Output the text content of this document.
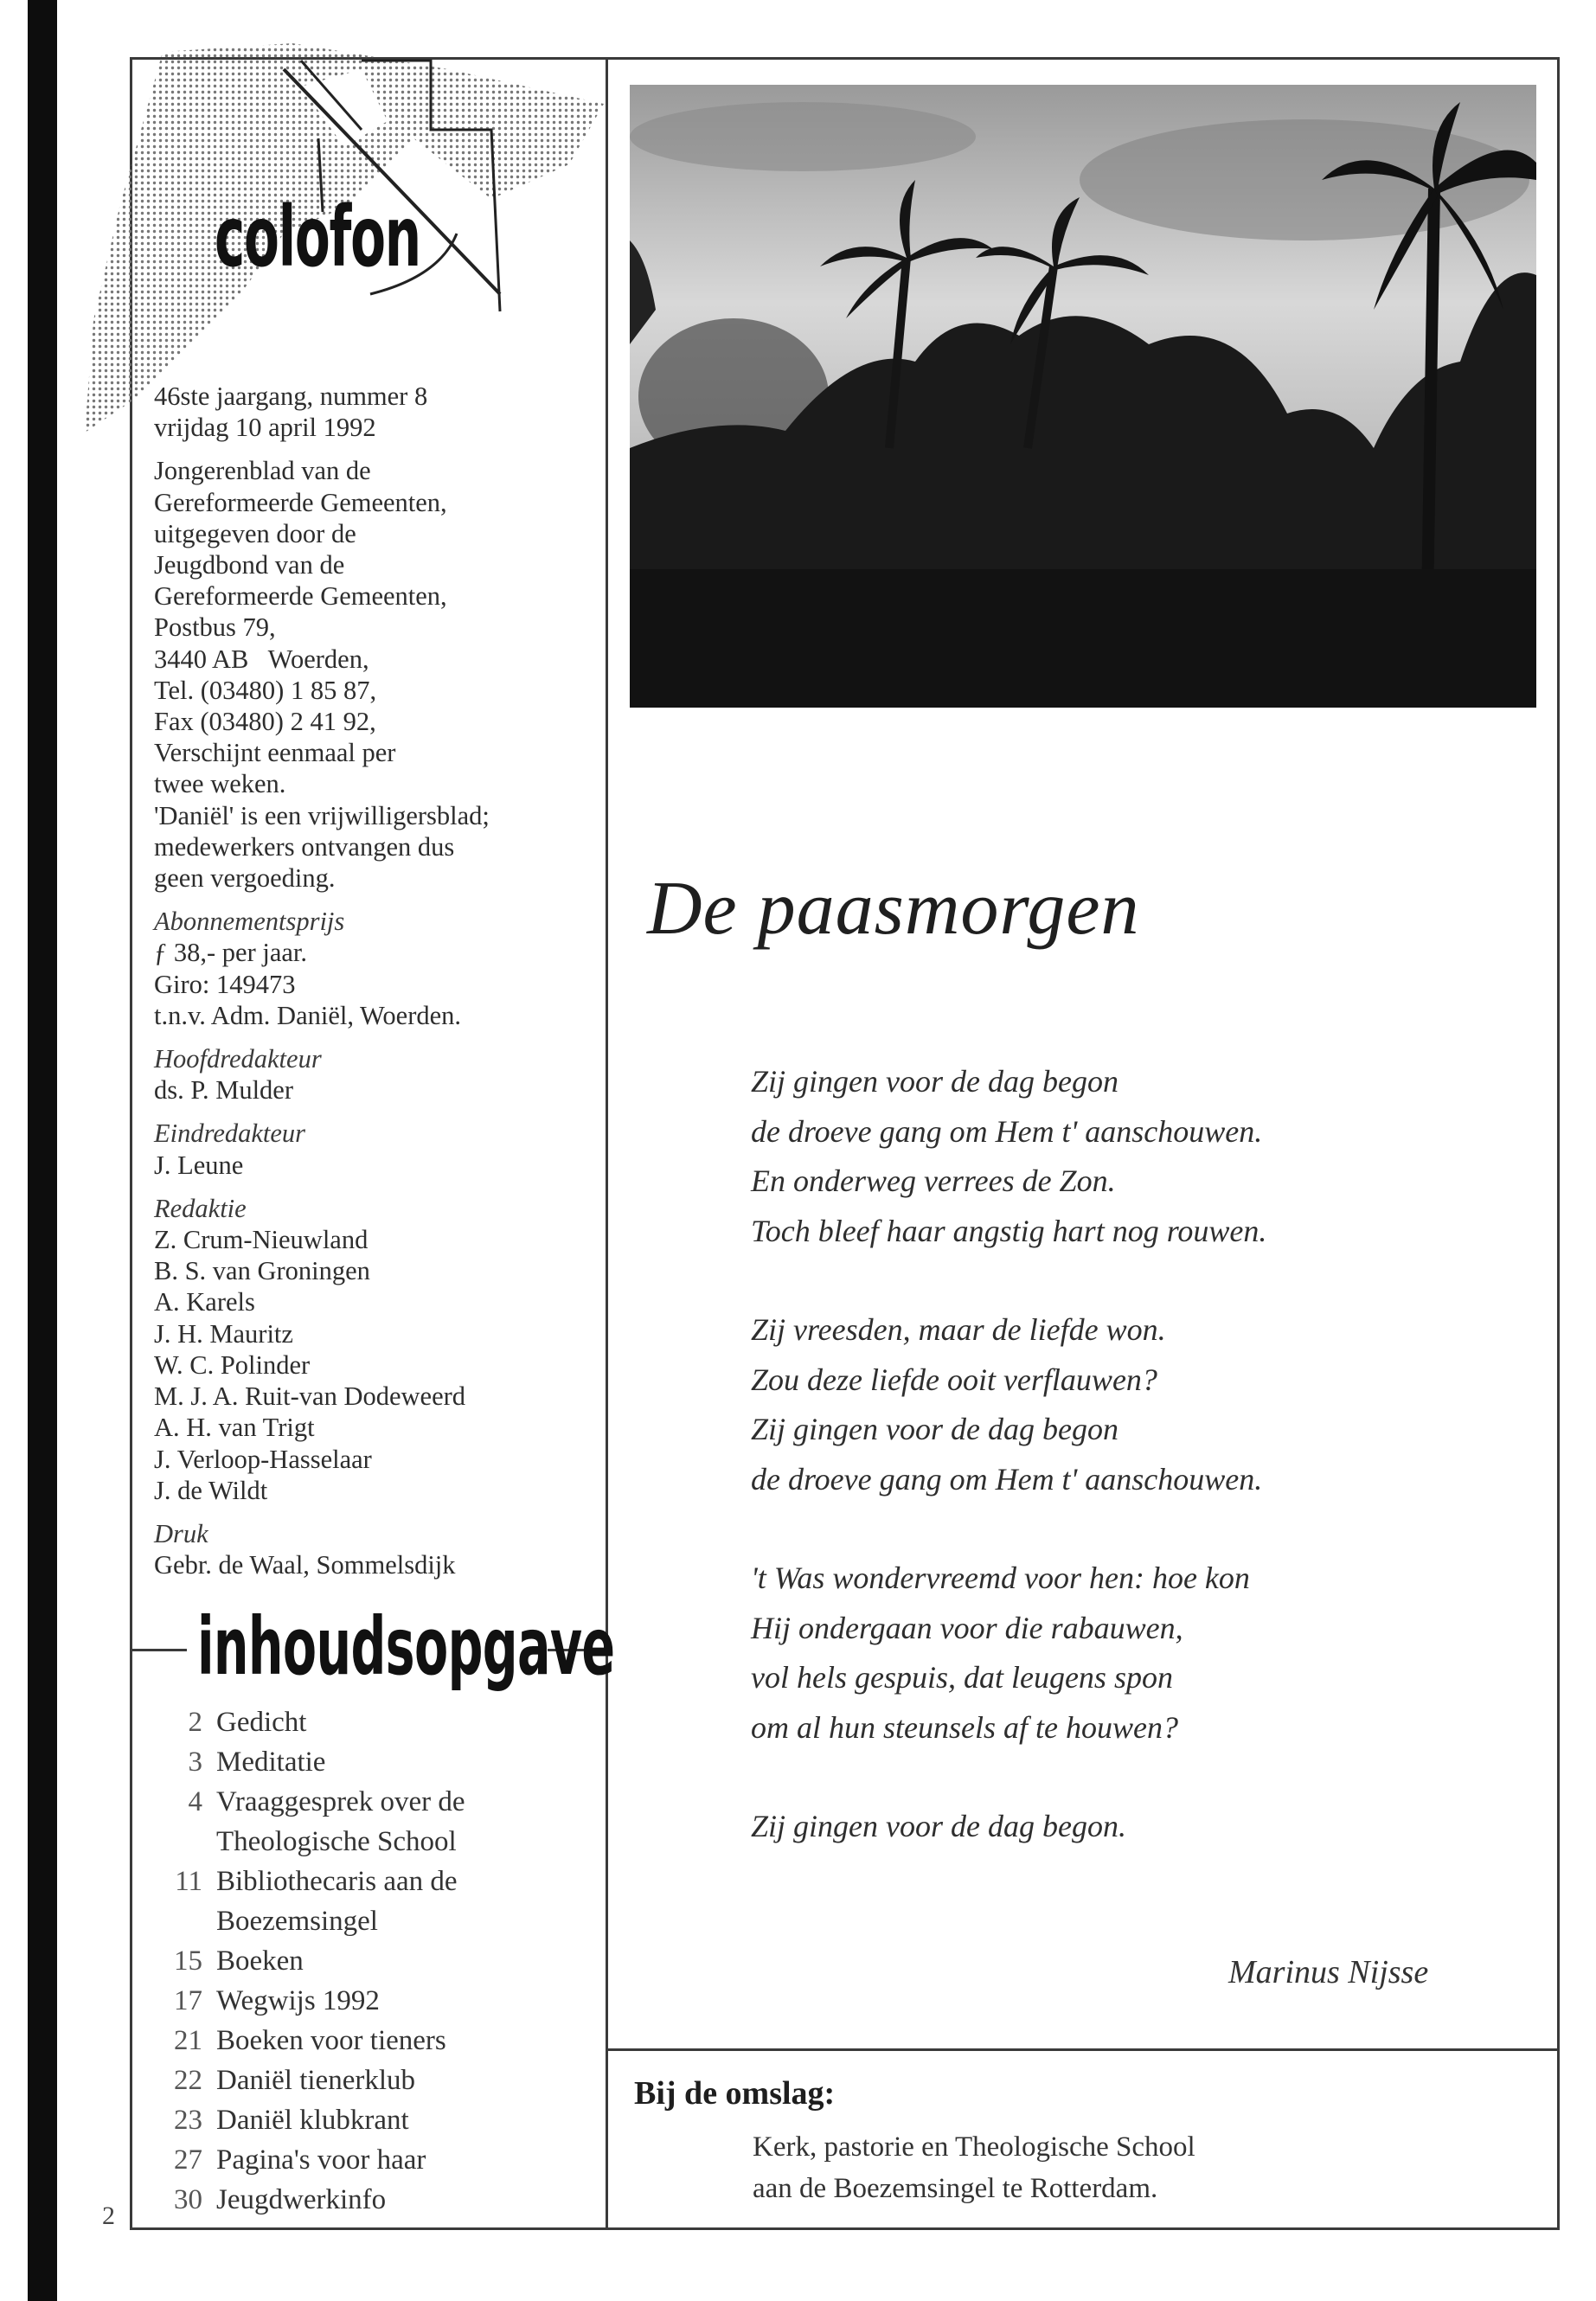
2
colofon
46ste jaargang, nummer 8
vrijdag 10 april 1992
Jongerenblad van de
Gereformeerde Gemeenten,
uitgegeven door de
Jeugdbond van de
Gereformeerde Gemeenten,
Postbus 79,
3440 AB   Woerden,
Tel. (03480) 1 85 87,
Fax (03480) 2 41 92,
Verschijnt eenmaal per
twee weken.
'Daniël' is een vrijwilligersblad;
medewerkers ontvangen dus
geen vergoeding.
Abonnementsprijs
ƒ 38,- per jaar.
Giro: 149473
t.n.v. Adm. Daniël, Woerden.
Hoofdredakteur
ds. P. Mulder
Eindredakteur
J. Leune
Redaktie
Z. Crum-Nieuwland
B. S. van Groningen
A. Karels
J. H. Mauritz
W. C. Polinder
M. J. A. Ruit-van Dodeweerd
A. H. van Trigt
J. Verloop-Hasselaar
J. de Wildt
Druk
Gebr. de Waal, Sommelsdijk
inhoudsopgave
2 Gedicht
3 Meditatie
4 Vraaggesprek over de
Theologische School
11 Bibliothecaris aan de
Boezemsingel
15 Boeken
17 Wegwijs 1992
21 Boeken voor tieners
22 Daniël tienerklub
23 Daniël klubkrant
27 Pagina's voor haar
30 Jeugdwerkinfo
De paasmorgen
Zij gingen voor de dag begon
de droeve gang om Hem t' aanschouwen.
En onderweg verrees de Zon.
Toch bleef haar angstig hart nog rouwen.
Zij vreesden, maar de liefde won.
Zou deze liefde ooit verflauwen?
Zij gingen voor de dag begon
de droeve gang om Hem t' aanschouwen.
't Was wondervreemd voor hen: hoe kon
Hij ondergaan voor die rabauwen,
vol hels gespuis, dat leugens spon
om al hun steunsels af te houwen?
Zij gingen voor de dag begon.
Marinus Nijsse
Bij de omslag:
Kerk, pastorie en Theologische School
aan de Boezemsingel te Rotterdam.
